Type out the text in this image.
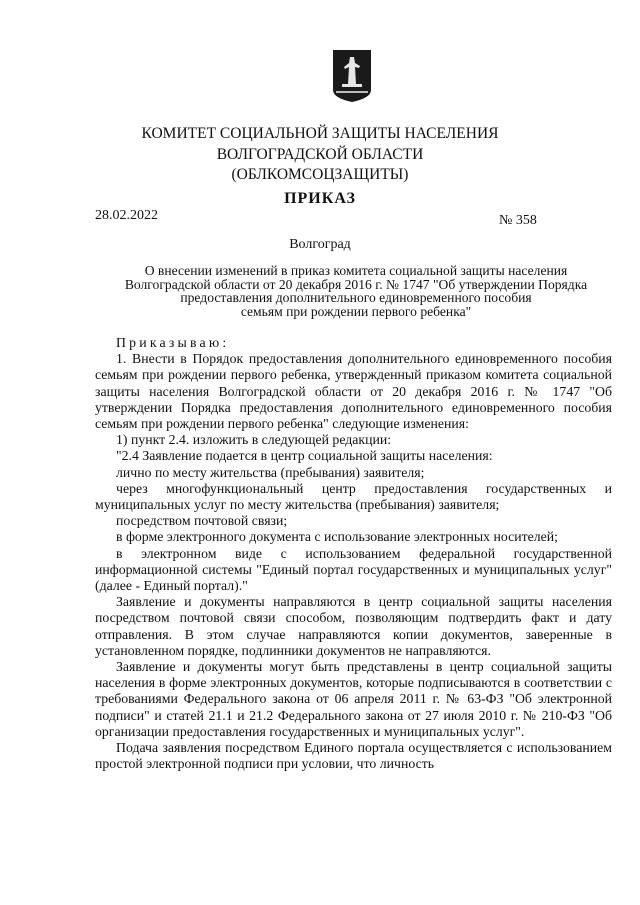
КОМИТЕТ СОЦИАЛЬНОЙ ЗАЩИТЫ НАСЕЛЕНИЯ
ВОЛГОГРАДСКОЙ ОБЛАСТИ
(ОБЛКОМСОЦЗАЩИТЫ)
ПРИКАЗ
28.02.2022	№ 358
Волгоград
О внесении изменений в приказ комитета социальной защиты населения
Волгоградской области от 20 декабря 2016 г. № 1747 "Об утверждении Порядка
предоставления дополнительного единовременного пособия
семьям при рождении первого ребенка"

Приказываю:

1. Внести в Порядок предоставления дополнительного единовременного пособия семьям при рождении первого ребенка, утвержденный приказом комитета социальной защиты населения Волгоградской области от 20 декабря 2016 г. № 1747 "Об утверждении Порядка предоставления дополнительного единовременного пособия семьям при рождении первого ребенка" следующие изменения:

1) пункт 2.4. изложить в следующей редакции:

"2.4 Заявление подается в центр социальной защиты населения:

лично по месту жительства (пребывания) заявителя;

через многофункциональный центр предоставления государственных и муниципальных услуг по месту жительства (пребывания) заявителя;

посредством почтовой связи;

в форме электронного документа с использование электронных носителей;

в электронном виде с использованием федеральной государственной информационной системы "Единый портал государственных и муниципальных услуг" (далее - Единый портал)."

Заявление и документы направляются в центр социальной защиты населения посредством почтовой связи способом, позволяющим подтвердить факт и дату отправления. В этом случае направляются копии документов, заверенные в установленном порядке, подлинники документов не направляются.

Заявление и документы могут быть представлены в центр социальной защиты населения в форме электронных документов, которые подписываются в соответствии с требованиями Федерального закона от 06 апреля 2011 г. № 63-ФЗ "Об электронной подписи" и статей 21.1 и 21.2 Федерального закона от 27 июля 2010 г. № 210-ФЗ "Об организации предоставления государственных и муниципальных услуг".

Подача заявления посредством Единого портала осуществляется с использованием простой электронной подписи при условии, что личность
